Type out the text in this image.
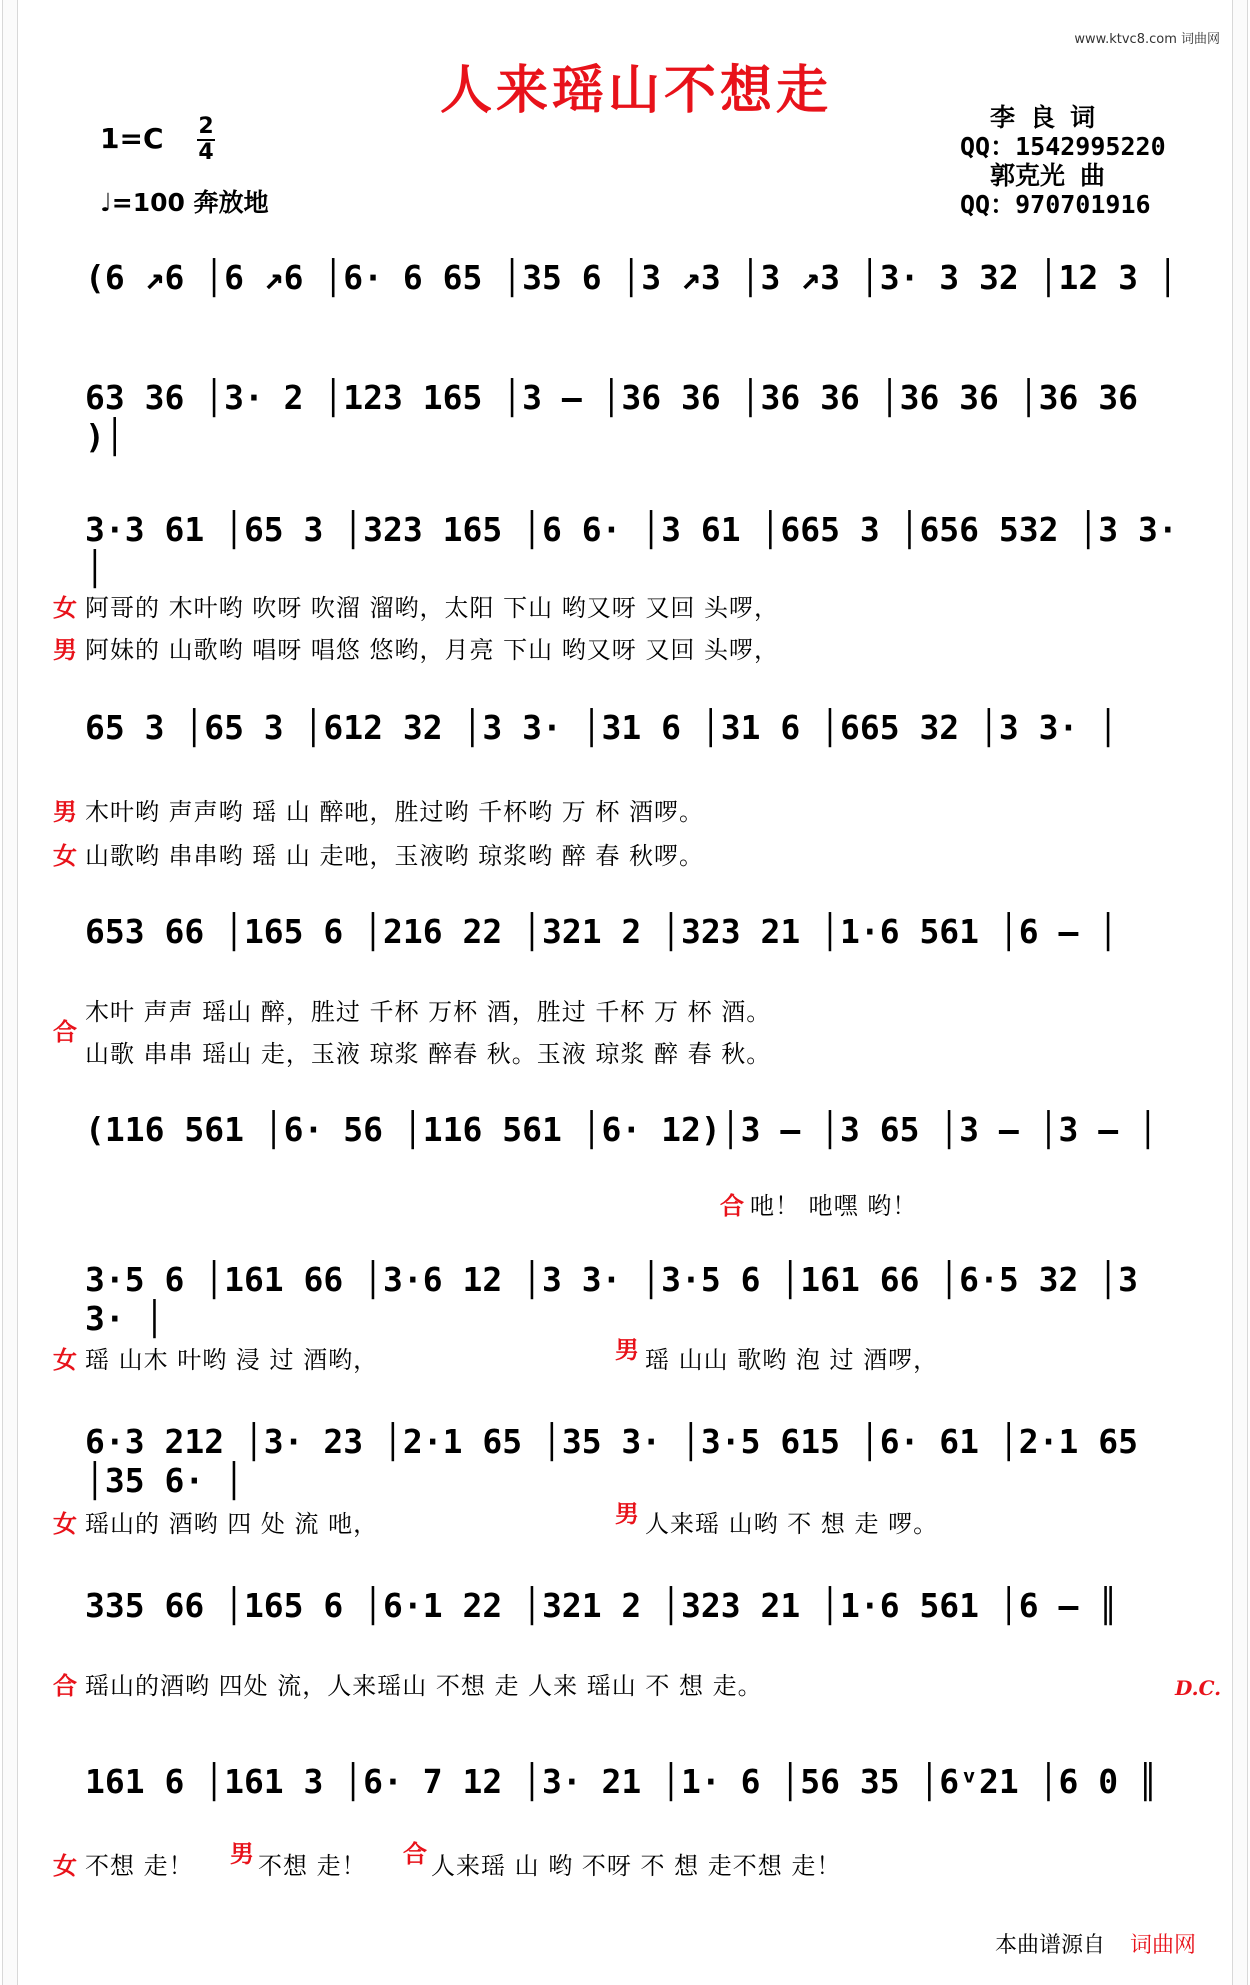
www.ktvc8.com 词曲网
人来瑶山不想走
1=C 2
4
♩=100 奔放地
李 良 词
QQ：1542995220
郭克光 曲
QQ：970701916
(6 ↗6 │6 ↗6 │6· 6 65 │35 6 │3 ↗3 │3 ↗3 │3· 3 32 │12 3 │
63 36 │3· 2 │123 165 │3 – │36 36 │36 36 │36 36 │36 36 )│
3·3 61 │65 3 │323 165 │6 6· │3 61 │665 3 │656 532 │3 3· │
女 阿哥的 木叶哟 吹呀 吹溜 溜哟，太阳 下山 哟又呀 又回 头啰，
男 阿妹的 山歌哟 唱呀 唱悠 悠哟，月亮 下山 哟又呀 又回 头啰，
65 3 │65 3 │612 32 │3 3· │31 6 │31 6 │665 32 │3 3· │
男 木叶哟 声声哟 瑶 山 醉吔，胜过哟 千杯哟 万 杯 酒啰。
女 山歌哟 串串哟 瑶 山 走吔，玉液哟 琼浆哟 醉 春 秋啰。
653 66 │165 6 │216 22 │321 2 │323 21 │1·6 561 │6 – │
合
木叶 声声 瑶山 醉，胜过 千杯 万杯 酒，胜过 千杯 万 杯 酒。
山歌 串串 瑶山 走，玉液 琼浆 醉春 秋。玉液 琼浆 醉 春 秋。
(116 561 │6· 56 │116 561 │6· 12)│3 – │3 65 │3 – │3 – │
合 吔！ 吔嘿 哟！
3·5 6 │161 66 │3·6 12 │3 3· │3·5 6 │161 66 │6·5 32 │3 3· │
女 瑶 山木 叶哟 浸 过 酒哟，	男 瑶 山山 歌哟 泡 过 酒啰，
6·3 212 │3· 23 │2·1 65 │35 3· │3·5 615 │6· 61 │2·1 65 │35 6· │
女 瑶山的 酒哟 四 处 流 吔，	男 人来瑶 山哟 不 想 走 啰。
335 66 │165 6 │6·1 22 │321 2 │323 21 │1·6 561 │6 – ║
合 瑶山的酒哟 四处 流，人来瑶山 不想 走 人来 瑶山 不 想 走。	D.C.
161 6 │161 3 │6· 7 12 │3· 21 │1· 6 │56 35 │6ᵛ21 │6 0 ║
女 不想 走！	男 不想 走！	合 人来瑶 山 哟 不呀 不 想 走不想 走！
本曲谱源自 词曲网
